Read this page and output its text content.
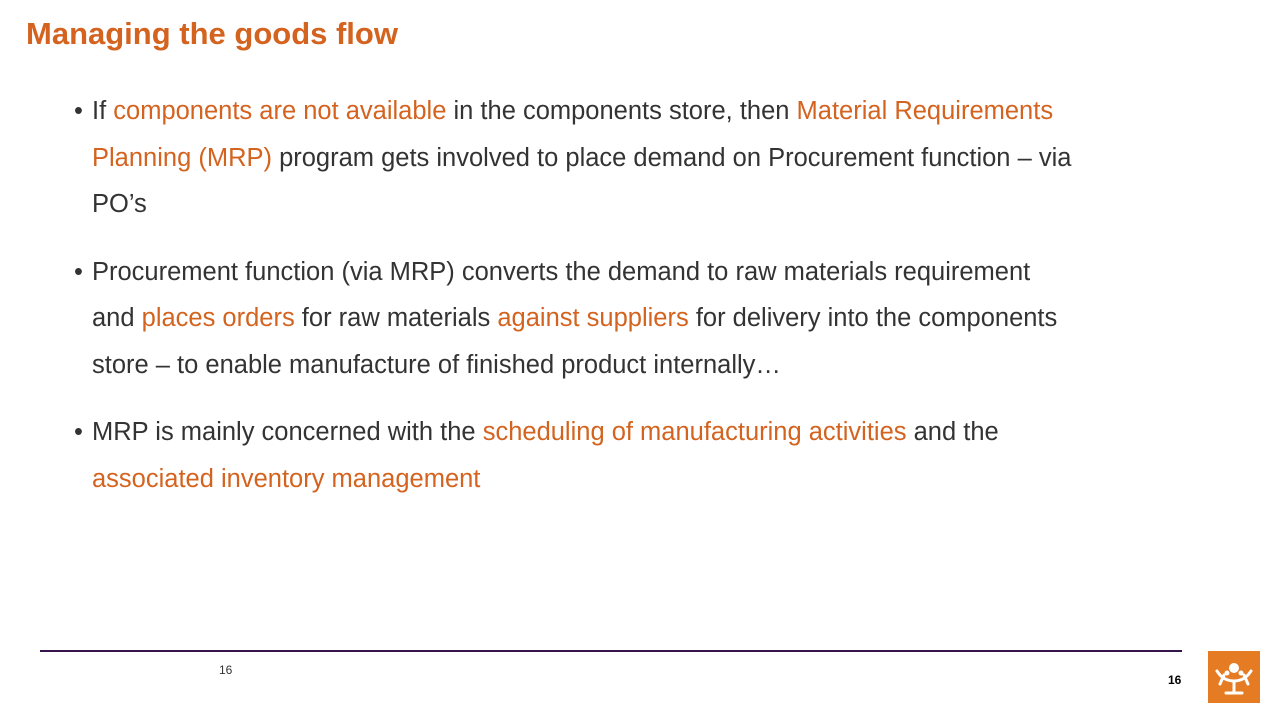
Managing the goods flow
• If components are not available in the components store, then Material Requirements Planning (MRP) program gets involved to place demand on Procurement function – via PO’s
• Procurement function (via MRP) converts the demand to raw materials requirement and places orders for raw materials against suppliers for delivery into the components store – to enable manufacture of finished product internally…
• MRP is mainly concerned with the scheduling of manufacturing activities and the associated inventory management
16
16
